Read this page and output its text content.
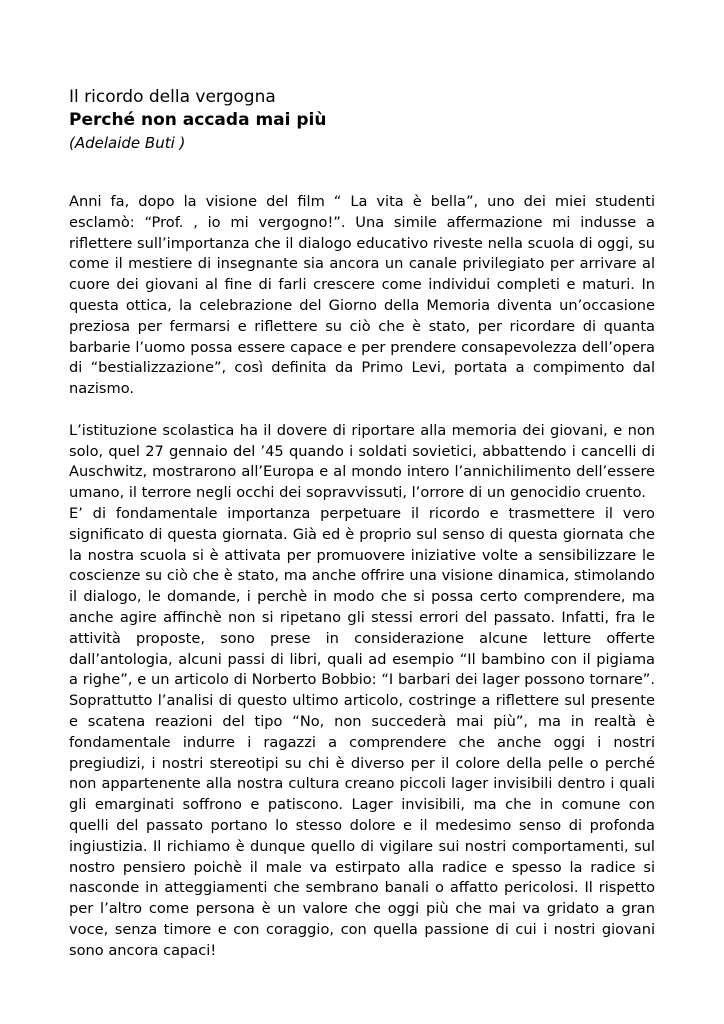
Il ricordo della vergogna
Perché non accada mai più

(Adelaide Buti )

Anni fa, dopo la visione del film “ La vita è bella”, uno dei miei studenti esclamò: “Prof. , io mi vergogno!”. Una simile affermazione mi indusse a riflettere sull’importanza che il dialogo educativo riveste nella scuola di oggi, su come il mestiere di insegnante sia ancora un canale privilegiato per arrivare al cuore dei giovani al fine di farli crescere come individui completi e maturi. In questa ottica, la celebrazione del Giorno della Memoria diventa un’occasione preziosa per fermarsi e riflettere su ciò che è stato, per ricordare di quanta barbarie l’uomo possa essere capace e per prendere consapevolezza dell’opera di “bestializzazione”, così definita da Primo Levi, portata a compimento dal nazismo.

L’istituzione scolastica ha il dovere di riportare alla memoria dei giovani, e non solo, quel 27 gennaio del ’45 quando i soldati sovietici, abbattendo i cancelli di Auschwitz, mostrarono all’Europa e al mondo intero l’annichilimento dell’essere umano, il terrore negli occhi dei sopravvissuti, l’orrore di un genocidio cruento.

E’ di fondamentale importanza perpetuare il ricordo e trasmettere il vero significato di questa giornata. Già ed è proprio sul senso di questa giornata che la nostra scuola si è attivata per promuovere iniziative volte a sensibilizzare le coscienze su ciò che è stato, ma anche offrire una visione dinamica, stimolando il dialogo, le domande, i perchè in modo che si possa certo comprendere, ma anche agire affinchè non si ripetano gli stessi errori del passato. Infatti, fra le attività proposte, sono prese in considerazione alcune letture offerte dall’antologia, alcuni passi di libri, quali ad esempio “Il bambino con il pigiama a righe”, e un articolo di Norberto Bobbio: “I barbari dei lager possono tornare”. Soprattutto l’analisi di questo ultimo articolo, costringe a riflettere sul presente e scatena reazioni del tipo “No, non succederà mai più”, ma in realtà è fondamentale indurre i ragazzi a comprendere che anche oggi i nostri pregiudizi, i nostri stereotipi su chi è diverso per il colore della pelle o perché non appartenente alla nostra cultura creano piccoli lager invisibili dentro i quali gli emarginati soffrono e patiscono. Lager invisibili, ma che in comune con quelli del passato portano lo stesso dolore e il medesimo senso di profonda ingiustizia. Il richiamo è dunque quello di vigilare sui nostri comportamenti, sul nostro pensiero poichè il male va estirpato alla radice e spesso la radice si nasconde in atteggiamenti che sembrano banali o affatto pericolosi. Il rispetto per l’altro come persona è un valore che oggi più che mai va gridato a gran voce, senza timore e con coraggio, con quella passione di cui i nostri giovani sono ancora capaci!
